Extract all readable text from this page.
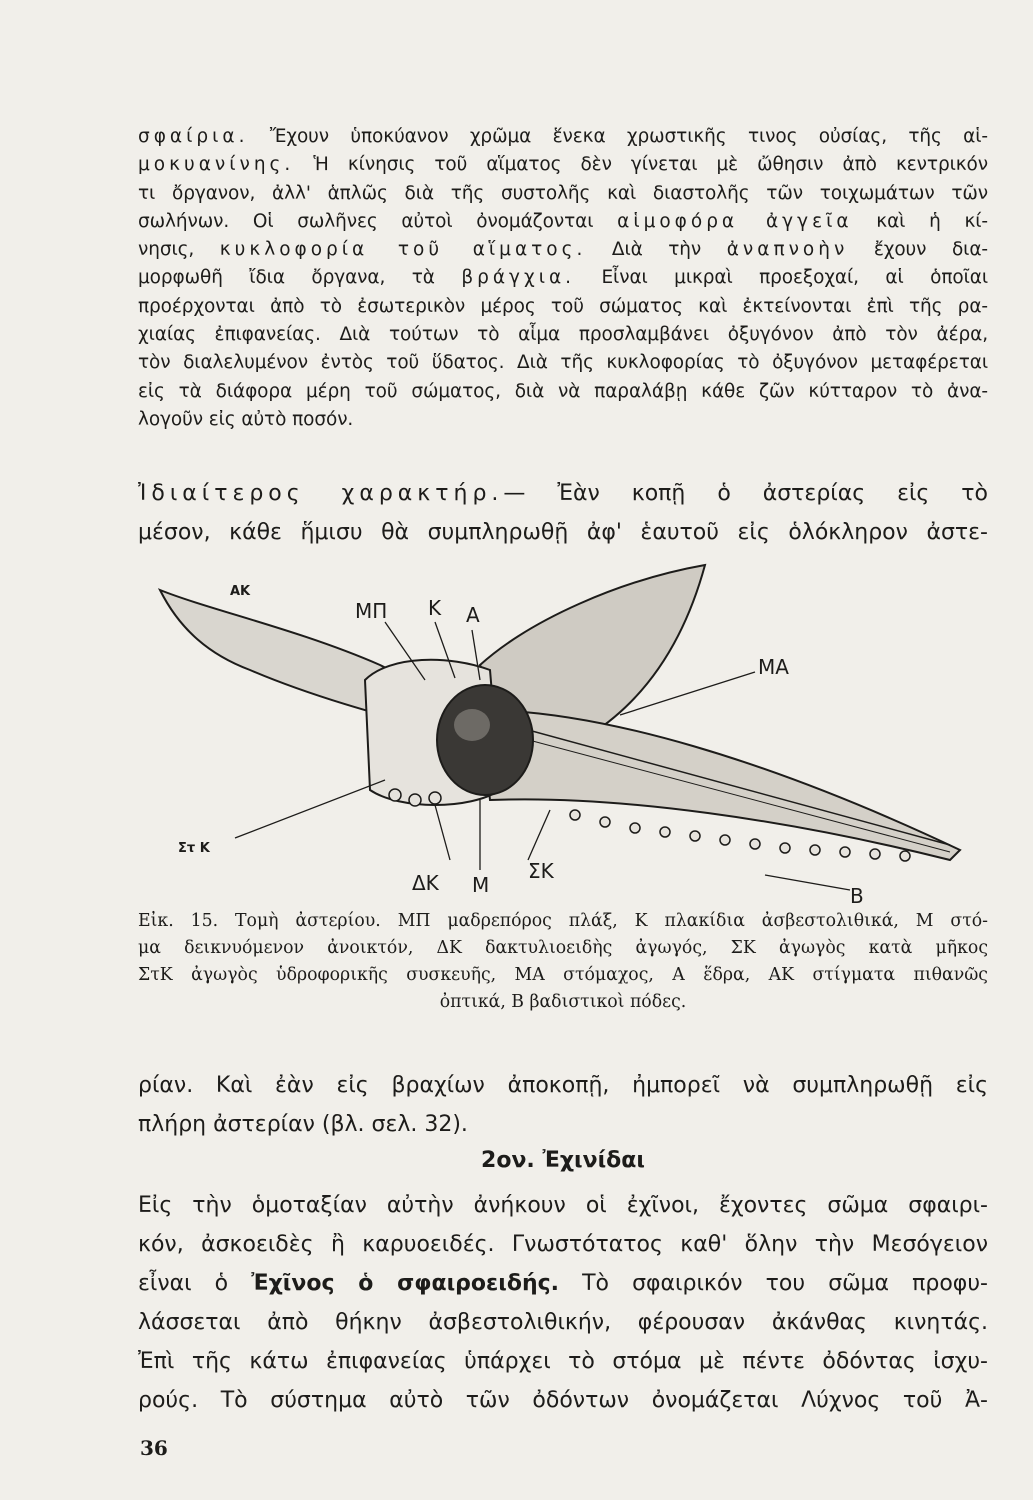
σφαίρια. Ἔχουν ὑποκύανον χρῶμα ἕνεκα χρωστικῆς τινος οὐσίας, τῆς αἱ-
μοκυανίνης. Ἡ κίνησις τοῦ αἵματος δὲν γίνεται μὲ ὤθησιν ἀπὸ κεντρικόν
τι ὄργανον, ἀλλ' ἁπλῶς διὰ τῆς συστολῆς καὶ διαστολῆς τῶν τοιχωμάτων τῶν
σωλήνων. Οἱ σωλῆνες αὐτοὶ ὀνομάζονται αἱμοφόρα ἀγγεῖα καὶ ἡ κί-
νησις, κυκλοφορία τοῦ αἵματος. Διὰ τὴν ἀναπνοὴν ἔχουν δια-
μορφωθῆ ἴδια ὄργανα, τὰ βράγχια. Εἶναι μικραὶ προεξοχαί, αἱ ὁποῖαι
προέρχονται ἀπὸ τὸ ἐσωτερικὸν μέρος τοῦ σώματος καὶ ἐκτείνονται ἐπὶ τῆς ρα-
χιαίας ἐπιφανείας. Διὰ τούτων τὸ αἷμα προσλαμβάνει ὀξυγόνον ἀπὸ τὸν ἀέρα,
τὸν διαλελυμένον ἐντὸς τοῦ ὕδατος. Διὰ τῆς κυκλοφορίας τὸ ὀξυγόνον μεταφέρεται
εἰς τὰ διάφορα μέρη τοῦ σώματος, διὰ νὰ παραλάβῃ κάθε ζῶν κύτταρον τὸ ἀνα-
λογοῦν εἰς αὐτὸ ποσόν.
Ἰδιαίτερος χαρακτήρ.— Ἐὰν κοπῇ ὁ ἀστερίας εἰς τὸ
μέσον, κάθε ἥμισυ θὰ συμπληρωθῇ ἀφ' ἑαυτοῦ εἰς ὁλόκληρον ἀστε-
ΑΚ
ΜΠ Κ Α
ΜΑ
Στ Κ
ΔΚ Μ
ΣΚ
Β
Εἰκ. 15. Τομὴ ἀστερίου. ΜΠ μαδρεπόρος πλάξ, Κ πλακίδια ἀσβεστολιθικά, Μ στό-
μα δεικνυόμενον ἀνοικτόν, ΔΚ δακτυλιοειδὴς ἀγωγός, ΣΚ ἀγωγὸς κατὰ μῆκος
ΣτΚ ἀγωγὸς ὑδροφορικῆς συσκευῆς, ΜΑ στόμαχος, Α ἕδρα, ΑΚ στίγματα πιθανῶς
ὀπτικά, Β βαδιστικοὶ πόδες.
ρίαν. Καὶ ἐὰν εἰς βραχίων ἀποκοπῇ, ἠμπορεῖ νὰ συμπληρωθῇ εἰς
πλήρη ἀστερίαν (βλ. σελ. 32).
2ον. Ἐχινίδαι
Εἰς τὴν ὁμοταξίαν αὐτὴν ἀνήκουν οἱ ἐχῖνοι, ἔχοντες σῶμα σφαιρι-
κόν, ἀσκοειδὲς ἢ καρυοειδές. Γνωστότατος καθ' ὅλην τὴν Μεσόγειον
εἶναι ὁ Ἐχῖνος ὁ σφαιροειδής. Τὸ σφαιρικόν του σῶμα προφυ-
λάσσεται ἀπὸ θήκην ἀσβεστολιθικήν, φέρουσαν ἀκάνθας κινητάς.
Ἐπὶ τῆς κάτω ἐπιφανείας ὑπάρχει τὸ στόμα μὲ πέντε ὀδόντας ἰσχυ-
ρούς. Τὸ σύστημα αὐτὸ τῶν ὀδόντων ὀνομάζεται Λύχνος τοῦ Ἀ-
36
